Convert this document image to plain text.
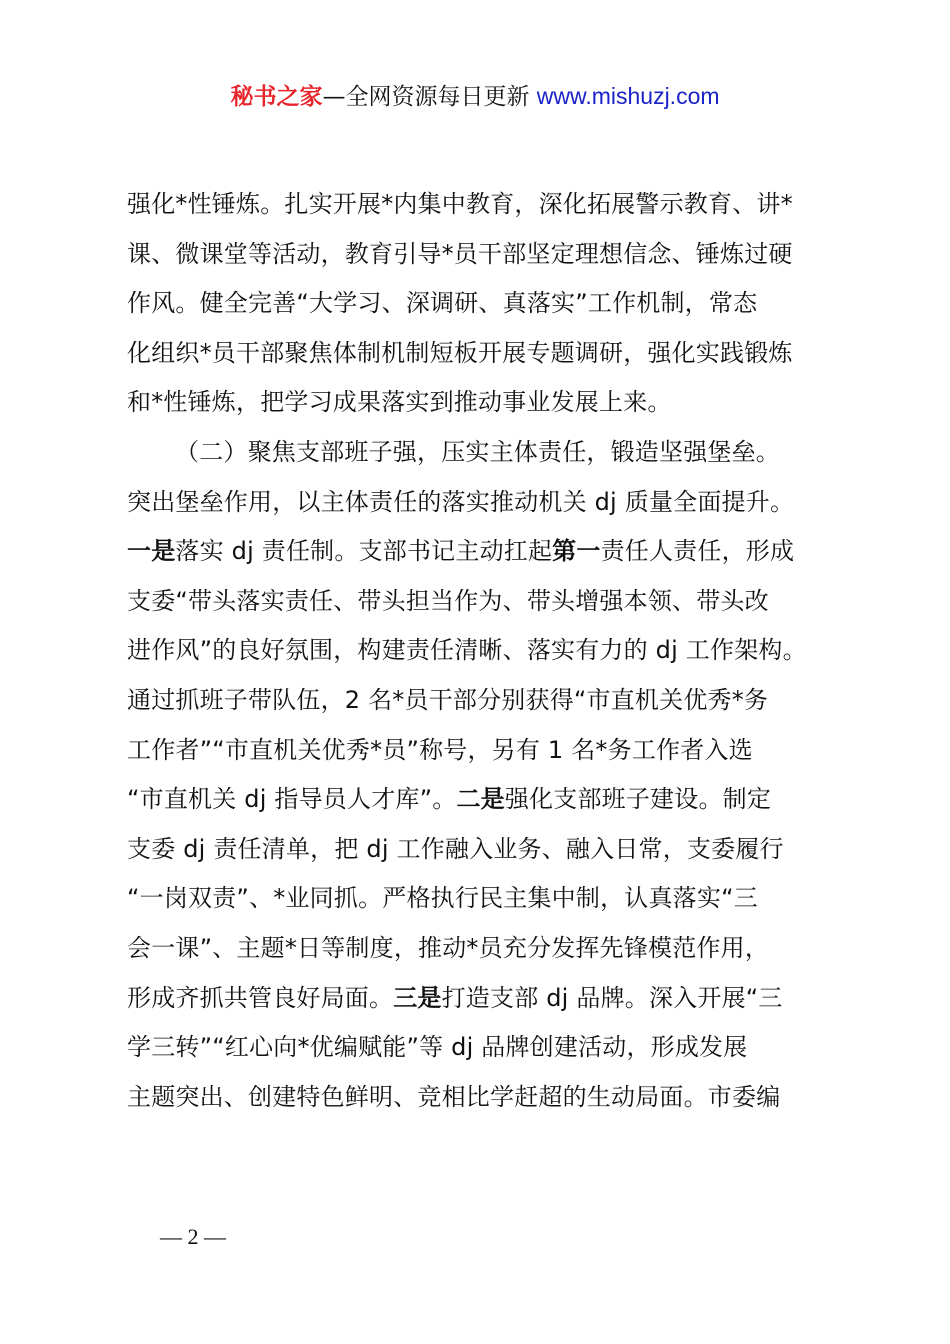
秘书之家—全网资源每日更新 www.mishuzj.com

强化*性锤炼。扎实开展*内集中教育，深化拓展警示教育、讲*
课、微课堂等活动，教育引导*员干部坚定理想信念、锤炼过硬
作风。健全完善“大学习、深调研、真落实”工作机制，常态
化组织*员干部聚焦体制机制短板开展专题调研，强化实践锻炼
和*性锤炼，把学习成果落实到推动事业发展上来。

（二）聚焦支部班子强，压实主体责任，锻造坚强堡垒。
突出堡垒作用，以主体责任的落实推动机关 dj 质量全面提升。
一是落实 dj 责任制。支部书记主动扛起第一责任人责任，形成
支委“带头落实责任、带头担当作为、带头增强本领、带头改
进作风”的良好氛围，构建责任清晰、落实有力的 dj 工作架构。
通过抓班子带队伍，2 名*员干部分别获得“市直机关优秀*务
工作者”“市直机关优秀*员”称号，另有 1 名*务工作者入选
“市直机关 dj 指导员人才库”。二是强化支部班子建设。制定
支委 dj 责任清单，把 dj 工作融入业务、融入日常，支委履行
“一岗双责”、*业同抓。严格执行民主集中制，认真落实“三
会一课”、主题*日等制度，推动*员充分发挥先锋模范作用，
形成齐抓共管良好局面。三是打造支部 dj 品牌。深入开展“三
学三转”“红心向*优编赋能”等 dj 品牌创建活动，形成发展
主题突出、创建特色鲜明、竞相比学赶超的生动局面。市委编

— 2 —
